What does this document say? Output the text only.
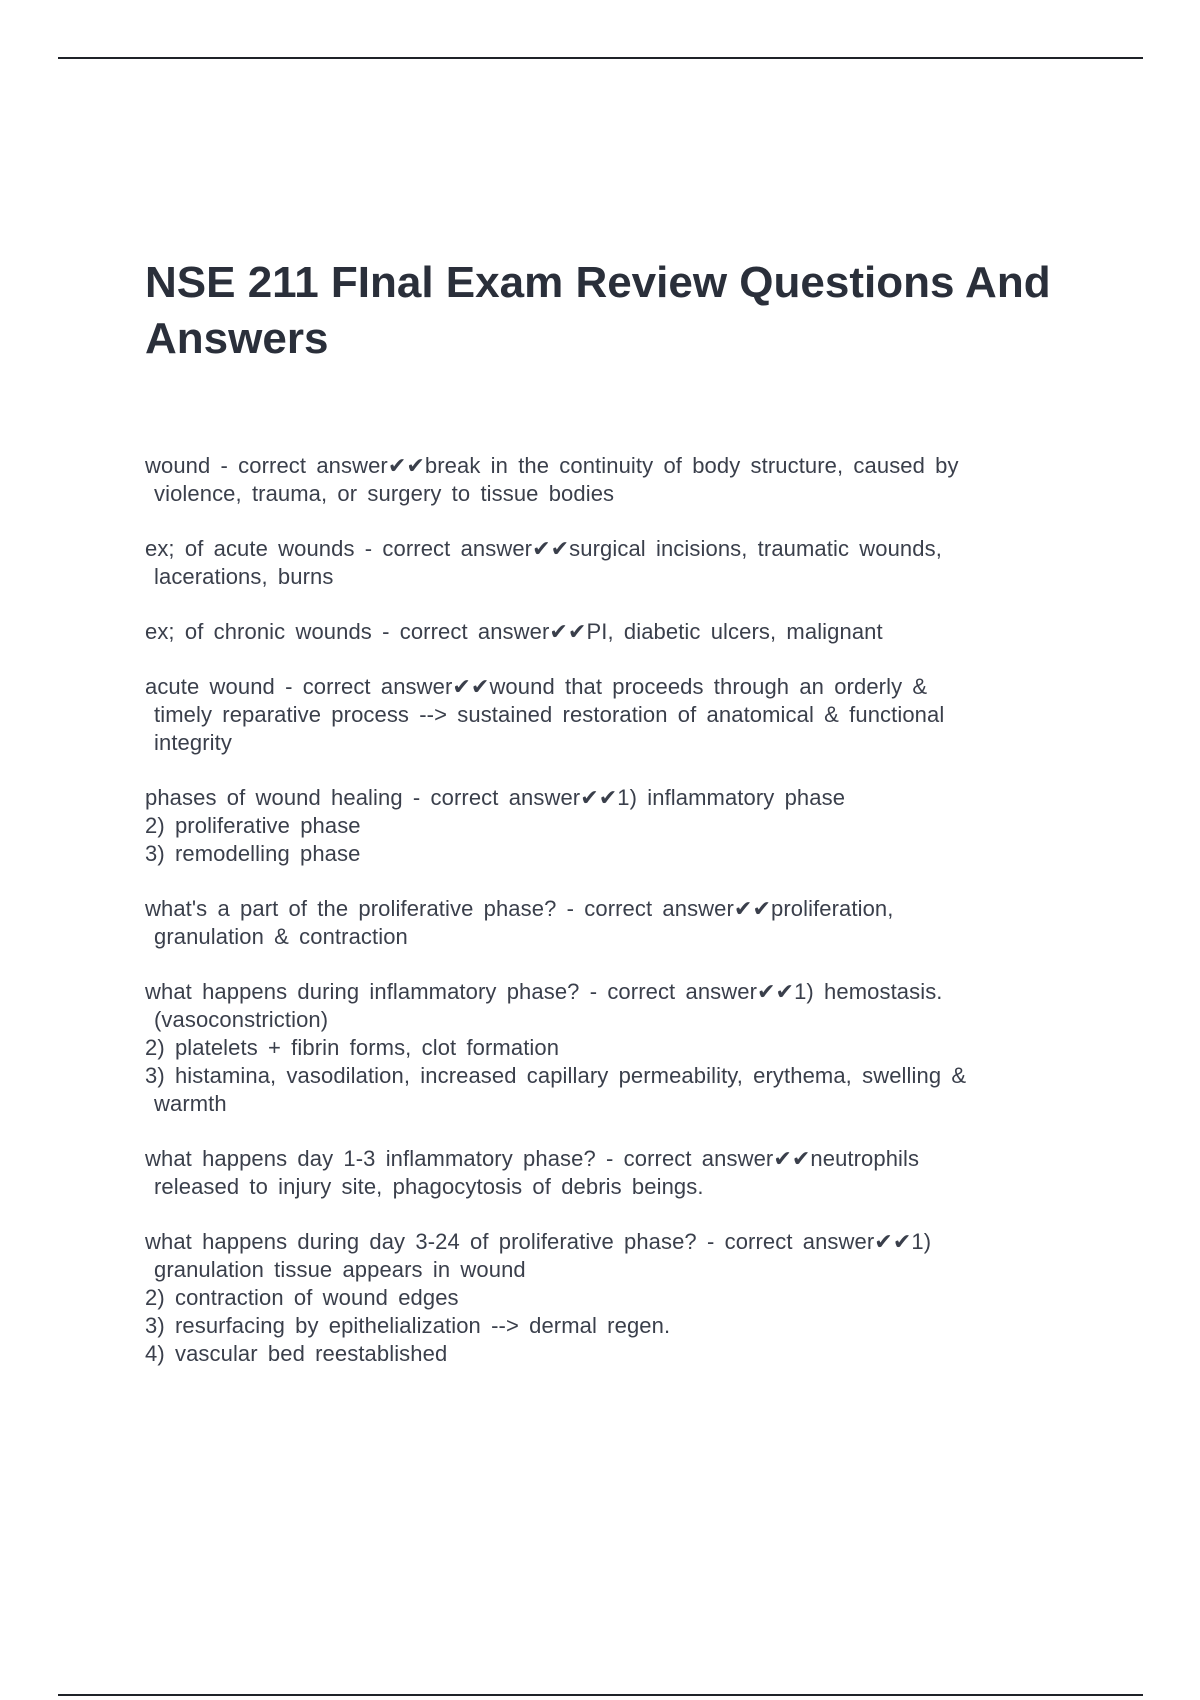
NSE 211 FInal Exam Review Questions And Answers
wound - correct answer✔✔break in the continuity of body structure, caused by
violence, trauma, or surgery to tissue bodies
ex; of acute wounds - correct answer✔✔surgical incisions, traumatic wounds,
lacerations, burns
ex; of chronic wounds - correct answer✔✔PI, diabetic ulcers, malignant
acute wound - correct answer✔✔wound that proceeds through an orderly &
timely reparative process --> sustained restoration of anatomical & functional
integrity
phases of wound healing - correct answer✔✔1) inflammatory phase
2) proliferative phase
3) remodelling phase
what's a part of the proliferative phase? - correct answer✔✔proliferation,
granulation & contraction
what happens during inflammatory phase? - correct answer✔✔1) hemostasis.
(vasoconstriction)
2) platelets + fibrin forms, clot formation
3) histamina, vasodilation, increased capillary permeability, erythema, swelling &
warmth
what happens day 1-3 inflammatory phase? - correct answer✔✔neutrophils
released to injury site, phagocytosis of debris beings.
what happens during day 3-24 of proliferative phase? - correct answer✔✔1)
granulation tissue appears in wound
2) contraction of wound edges
3) resurfacing by epithelialization --> dermal regen.
4) vascular bed reestablished
